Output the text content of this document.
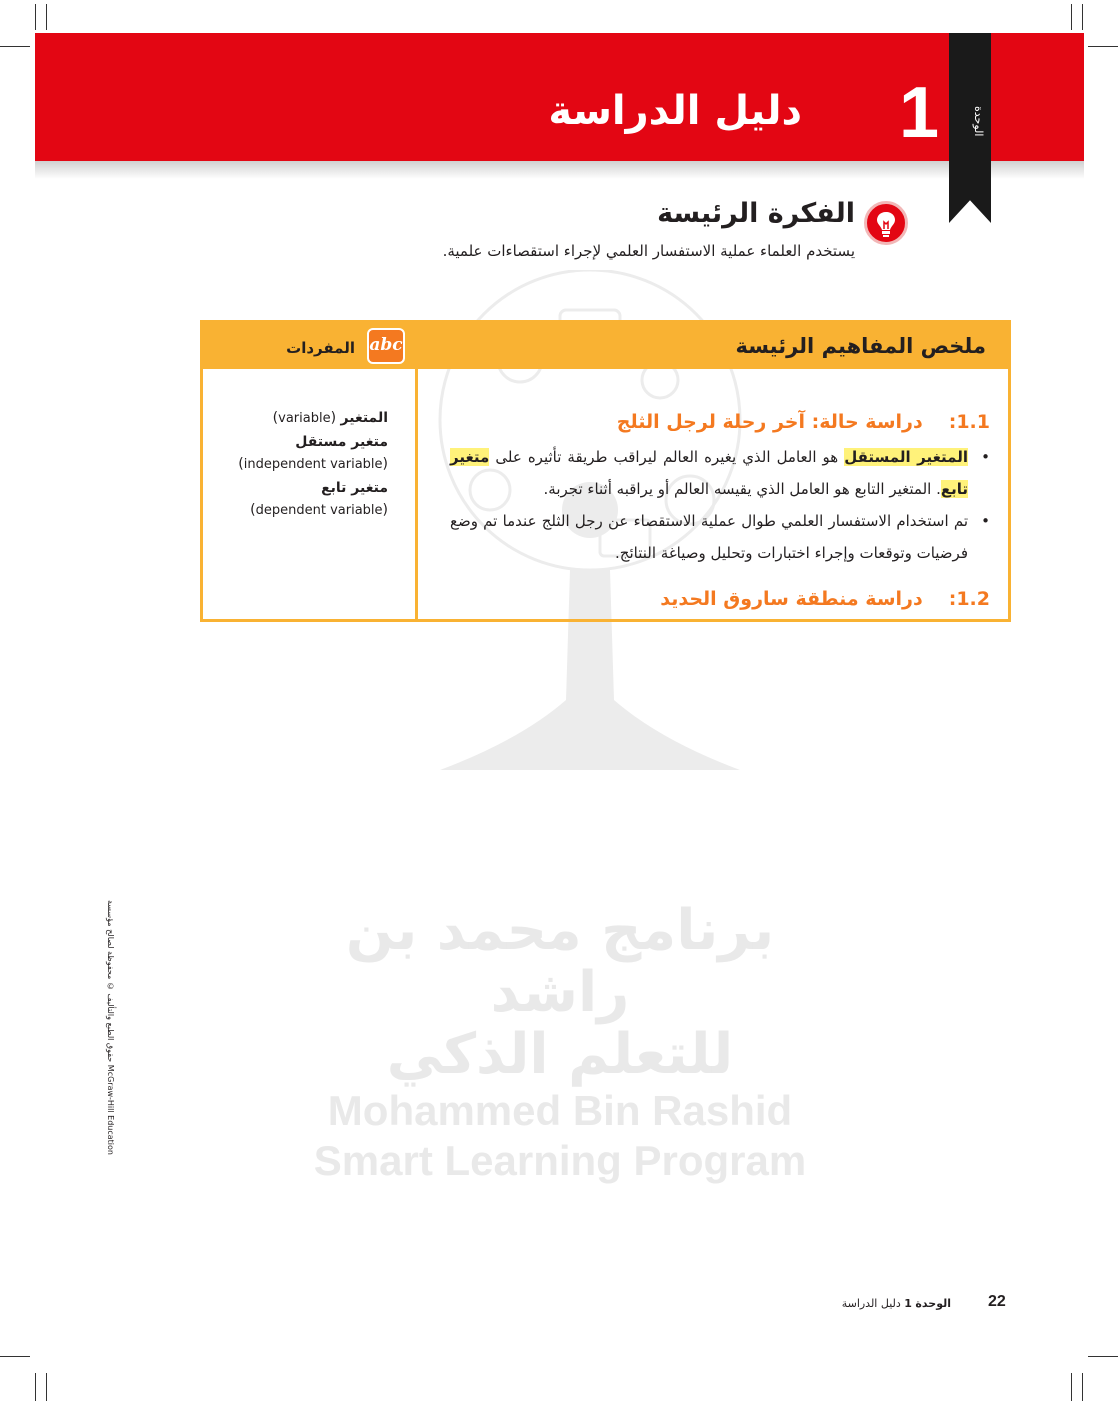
برنامج محمد بن راشد
للتعلم الذكي
Mohammed Bin Rashid
Smart Learning Program
دليل الدراسة 1	الوحدة
الفكرة الرئيسة
يستخدم العلماء عملية الاستفسار العلمي لإجراء استقصاءات علمية.
ملخص المفاهيم الرئيسة
abc
المفردات
1.1:دراسة حالة: آخر رحلة لرجل الثلج
• المتغير المستقل هو العامل الذي يغيره العالم ليراقب طريقة تأثيره على متغير تابع. المتغير التابع هو العامل الذي يقيسه العالم أو يراقبه أثناء تجربة.
• تم استخدام الاستفسار العلمي طوال عملية الاستقصاء عن رجل الثلج عندما تم وضع فرضيات وتوقعات وإجراء اختبارات وتحليل وصياغة النتائج.
1.2:دراسة منطقة ساروق الحديد
المتغير (variable)
متغير مستقل
(independent variable)
متغير تابع
(dependent variable)
حقوق الطبع والتأليف © محفوظة لصالح مؤسسة McGraw-Hill Education
22
الوحدة 1 دليل الدراسة
